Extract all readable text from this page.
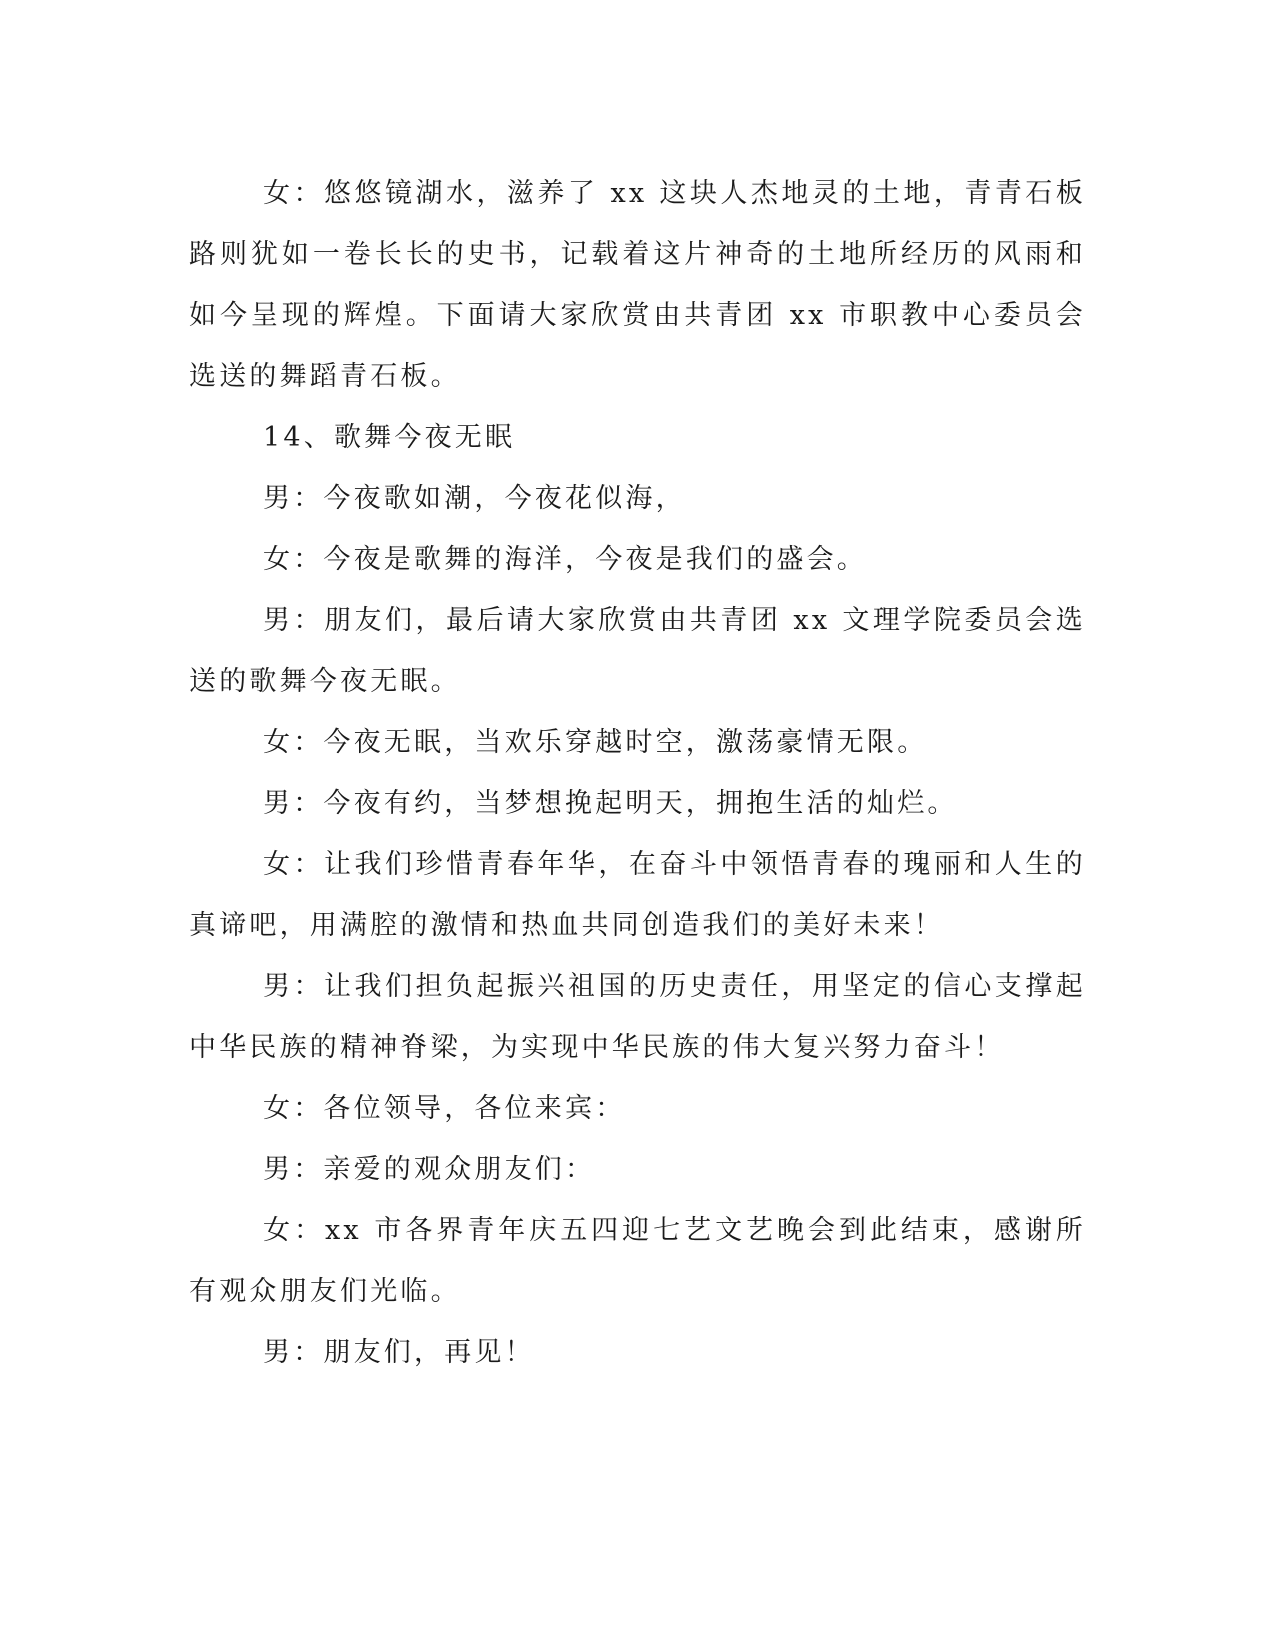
女：悠悠镜湖水，滋养了 xx 这块人杰地灵的土地，青青石板路则犹如一卷长长的史书，记载着这片神奇的土地所经历的风雨和如今呈现的辉煌。下面请大家欣赏由共青团 xx 市职教中心委员会选送的舞蹈青石板。

14、歌舞今夜无眠

男：今夜歌如潮，今夜花似海，

女：今夜是歌舞的海洋，今夜是我们的盛会。

男：朋友们，最后请大家欣赏由共青团 xx 文理学院委员会选送的歌舞今夜无眠。

女：今夜无眠，当欢乐穿越时空，激荡豪情无限。

男：今夜有约，当梦想挽起明天，拥抱生活的灿烂。

女：让我们珍惜青春年华，在奋斗中领悟青春的瑰丽和人生的真谛吧，用满腔的激情和热血共同创造我们的美好未来！

男：让我们担负起振兴祖国的历史责任，用坚定的信心支撑起中华民族的精神脊梁，为实现中华民族的伟大复兴努力奋斗！

女：各位领导，各位来宾：

男：亲爱的观众朋友们：

女：xx 市各界青年庆五四迎七艺文艺晚会到此结束，感谢所有观众朋友们光临。

男：朋友们，再见！
